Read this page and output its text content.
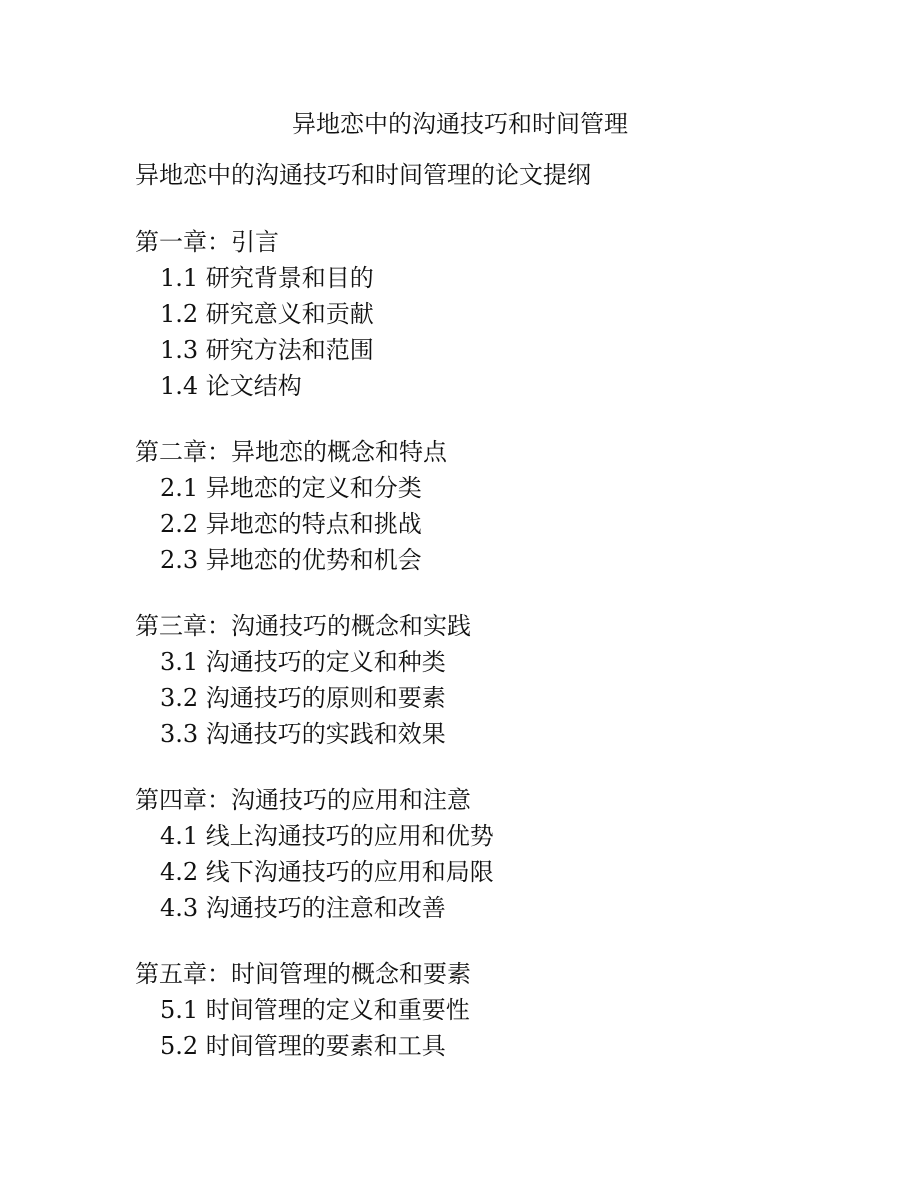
异地恋中的沟通技巧和时间管理
异地恋中的沟通技巧和时间管理的论文提纲
第一章：引言
1.1 研究背景和目的
1.2 研究意义和贡献
1.3 研究方法和范围
1.4 论文结构
第二章：异地恋的概念和特点
2.1 异地恋的定义和分类
2.2 异地恋的特点和挑战
2.3 异地恋的优势和机会
第三章：沟通技巧的概念和实践
3.1 沟通技巧的定义和种类
3.2 沟通技巧的原则和要素
3.3 沟通技巧的实践和效果
第四章：沟通技巧的应用和注意
4.1 线上沟通技巧的应用和优势
4.2 线下沟通技巧的应用和局限
4.3 沟通技巧的注意和改善
第五章：时间管理的概念和要素
5.1 时间管理的定义和重要性
5.2 时间管理的要素和工具
